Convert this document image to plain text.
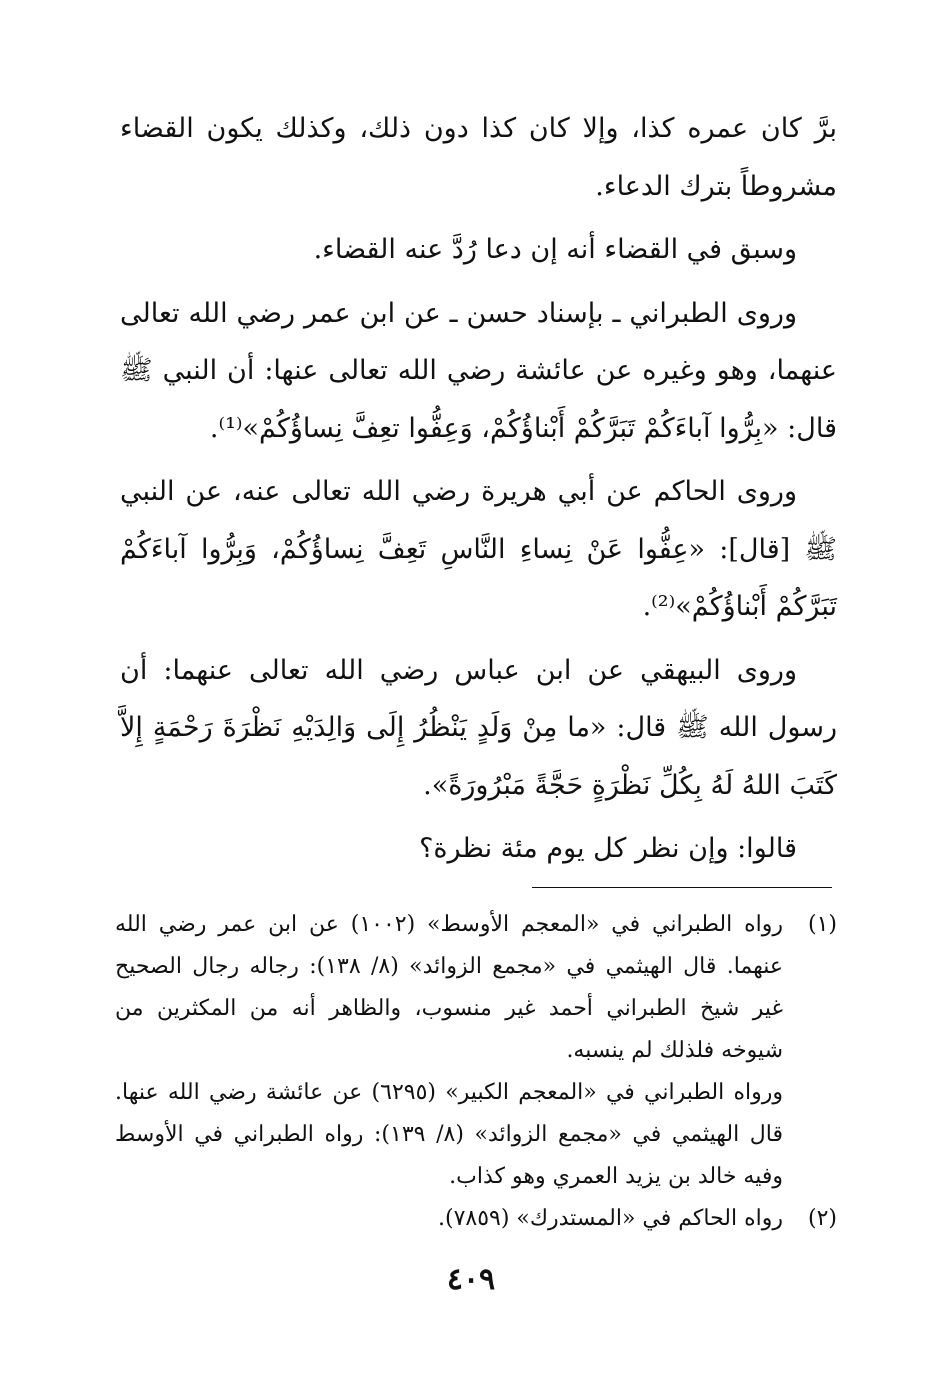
برَّ كان عمره كذا، وإلا كان كذا دون ذلك، وكذلك يكون القضاء مشروطاً بترك الدعاء.

وسبق في القضاء أنه إن دعا رُدَّ عنه القضاء.

وروى الطبراني ـ بإسناد حسن ـ عن ابن عمر رضي الله تعالى عنهما، وهو وغيره عن عائشة رضي الله تعالى عنها: أن النبي ﷺ قال: «بِرُّوا آباءَكُمْ تَبَرَّكُمْ أَبْناؤُكُمْ، وَعِفُّوا تعِفَّ نِساؤُكُمْ»⁽¹⁾.

وروى الحاكم عن أبي هريرة رضي الله تعالى عنه، عن النبي ﷺ [قال]: «عِفُّوا عَنْ نِساءِ النَّاسِ تَعِفَّ نِساؤُكُمْ، وَبِرُّوا آباءَكُمْ تَبَرَّكُمْ أَبْناؤُكُمْ»⁽²⁾.

وروى البيهقي عن ابن عباس رضي الله تعالى عنهما: أن رسول الله ﷺ قال: «ما مِنْ وَلَدٍ يَنْظُرُ إِلَى وَالِدَيْهِ نَظْرَةَ رَحْمَةٍ إِلاَّ كَتَبَ اللهُ لَهُ بِكُلِّ نَظْرَةٍ حَجَّةً مَبْرُورَةً».

قالوا: وإن نظر كل يوم مئة نظرة؟

(١)
رواه الطبراني في «المعجم الأوسط» (١٠٠٢) عن ابن عمر رضي الله عنهما. قال الهيثمي في «مجمع الزوائد» (٨/ ١٣٨): رجاله رجال الصحيح غير شيخ الطبراني أحمد غير منسوب، والظاهر أنه من المكثرين من شيوخه فلذلك لم ينسبه.
ورواه الطبراني في «المعجم الكبير» (٦٢٩٥) عن عائشة رضي الله عنها. قال الهيثمي في «مجمع الزوائد» (٨/ ١٣٩): رواه الطبراني في الأوسط وفيه خالد بن يزيد العمري وهو كذاب.
(٢)
رواه الحاكم في «المستدرك» (٧٨٥٩).
٤٠٩
